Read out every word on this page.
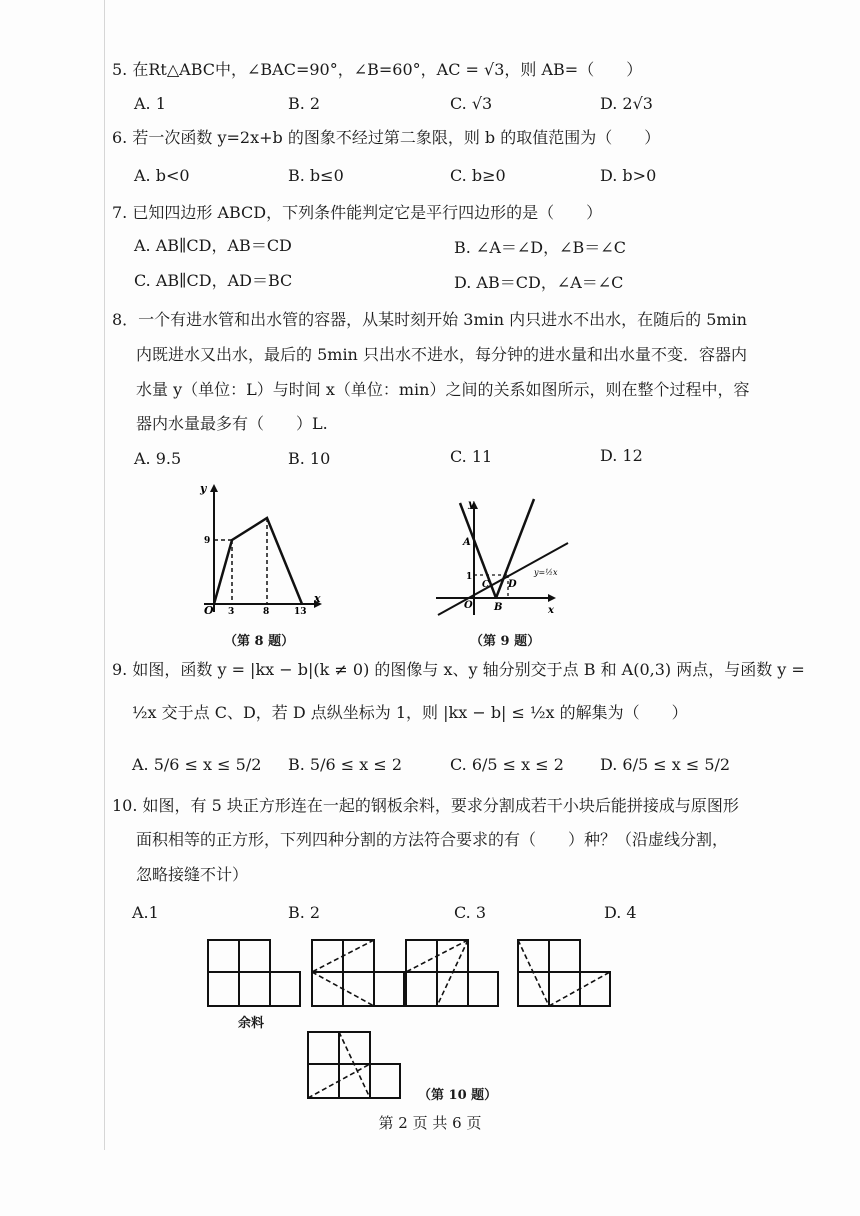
5. 在Rt△ABC中，∠BAC=90°，∠B=60°，AC = √3，则 AB=（　　）
A. 1	B. 2	C. √3	D. 2√3
6. 若一次函数 y=2x+b 的图象不经过第二象限，则 b 的取值范围为（　　）
A. b<0	B. b≤0	C. b≥0	D. b>0
7. 已知四边形 ABCD，下列条件能判定它是平行四边形的是（　　）
A. AB∥CD，AB＝CD	B. ∠A＝∠D，∠B＝∠C
C. AB∥CD，AD＝BC	D. AB＝CD，∠A＝∠C
8．一个有进水管和出水管的容器，从某时刻开始 3min 内只进水不出水，在随后的 5min
内既进水又出水，最后的 5min 只出水不进水，每分钟的进水量和出水量不变．容器内
水量 y（单位：L）与时间 x（单位：min）之间的关系如图所示，则在整个过程中，容
器内水量最多有（　　）L.
A. 9.5	B. 10	C. 11	D. 12
y
x
O 3	8	13
9
（第 8 题）
y
x
O
A
B
C D
1	y=½x
（第 9 题）
9. 如图，函数 y = |kx − b|(k ≠ 0) 的图像与 x、y 轴分别交于点 B 和 A(0,3) 两点，与函数 y =
½x 交于点 C、D，若 D 点纵坐标为 1，则 |kx − b| ≤ ½x 的解集为（　　）
A. 5/6 ≤ x ≤ 5/2 B. 5/6 ≤ x ≤ 2	C. 6/5 ≤ x ≤ 2 D. 6/5 ≤ x ≤ 5/2
10. 如图，有 5 块正方形连在一起的钢板余料，要求分割成若干小块后能拼接成与原图形
面积相等的正方形，下列四种分割的方法符合要求的有（　　）种？（沿虚线分割，
忽略接缝不计）
A.1	B. 2	C. 3	D. 4
余料
（第 10 题）
第 2 页 共 6 页
